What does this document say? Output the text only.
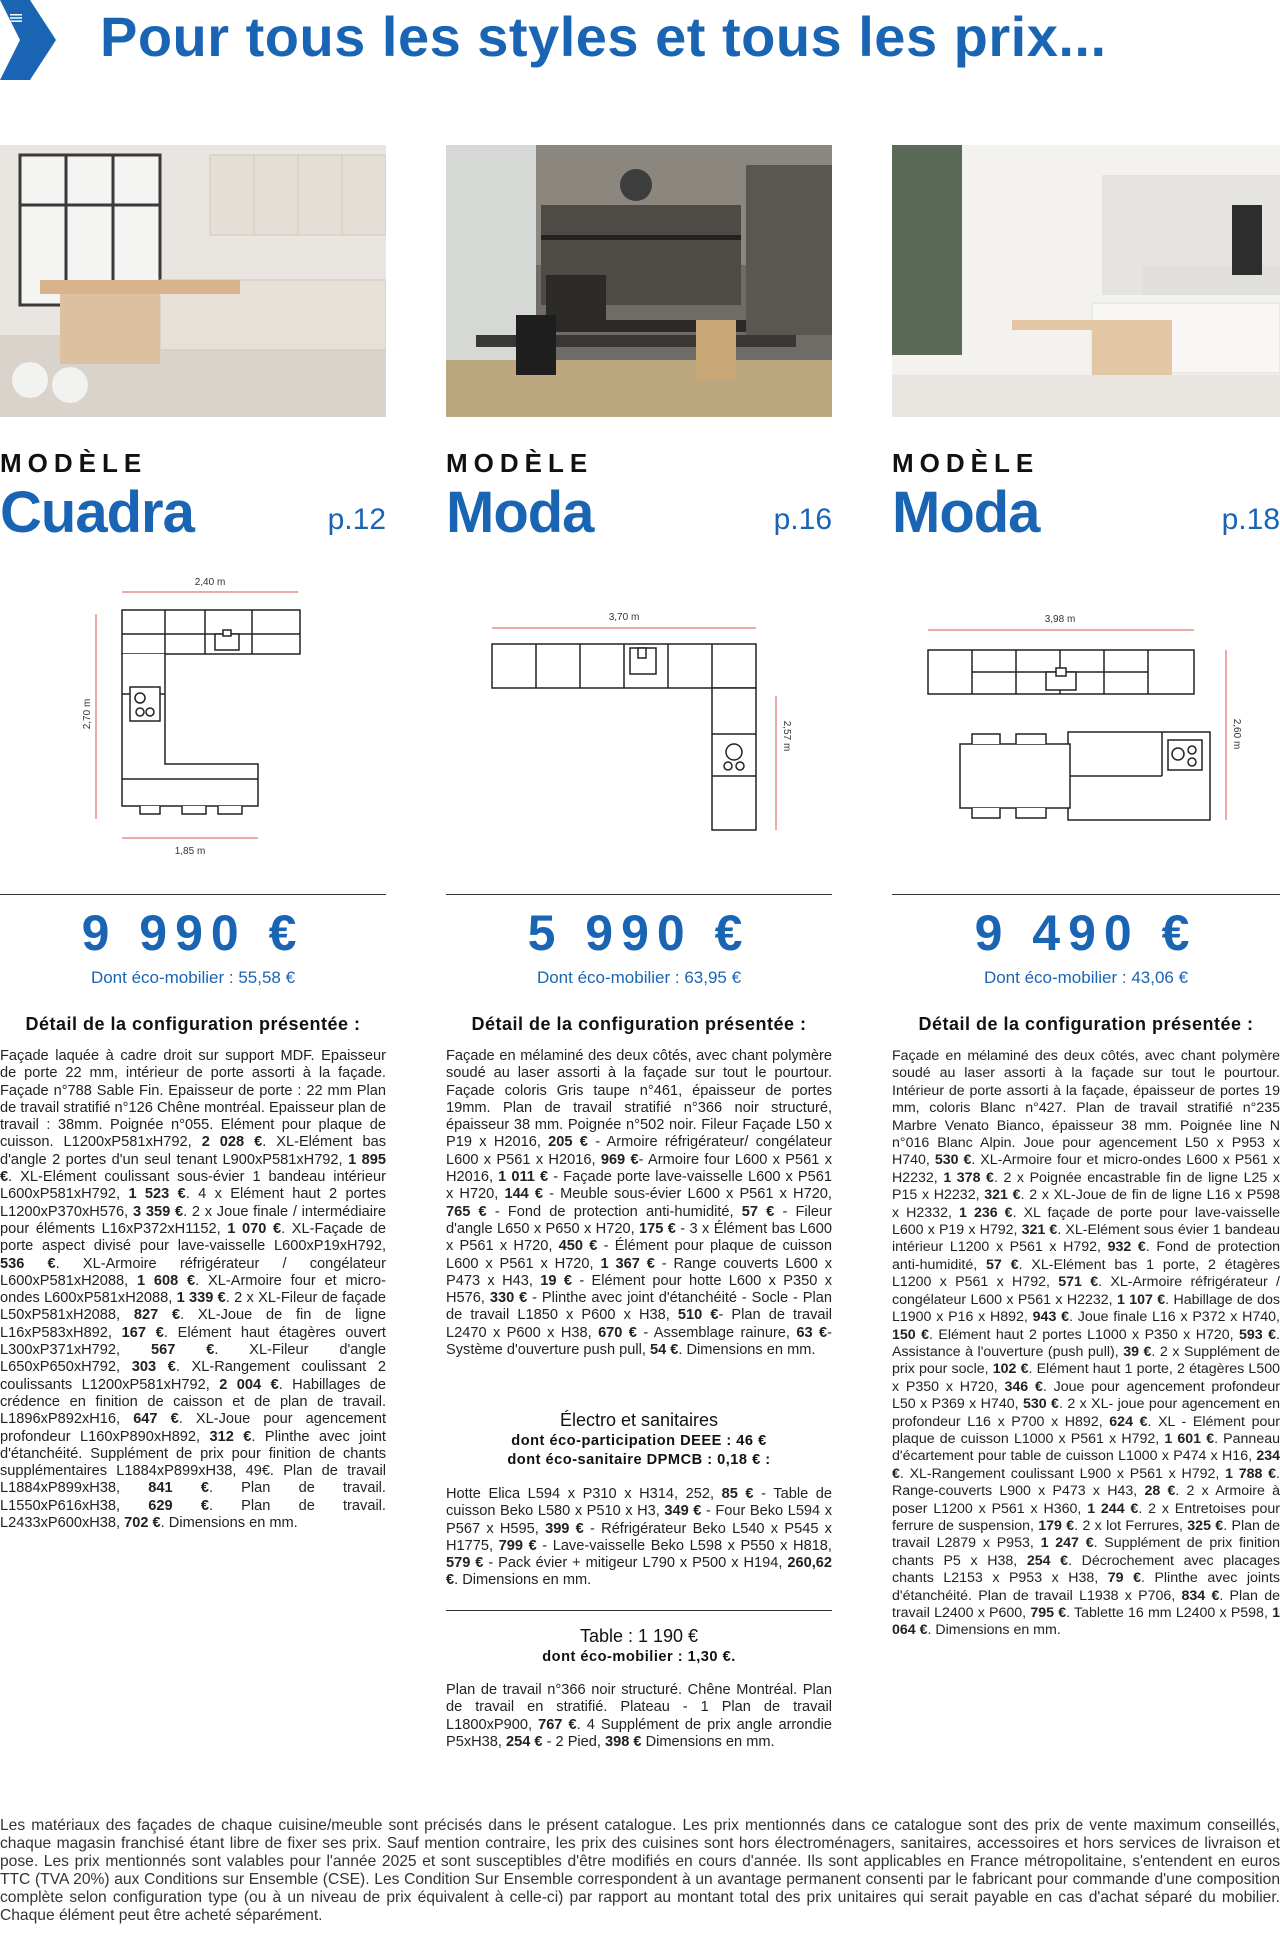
Pour tous les styles et tous les prix...
MODÈLE
Cuadra	p.12
2,40 m
2,70 m
1,85 m
9 990 €
Dont éco-mobilier : 55,58 €
Détail de la configuration présentée :
Façade laquée à cadre droit sur support MDF. Epaisseur de porte 22 mm, intérieur de porte assorti à la façade. Façade n°788 Sable Fin. Epaisseur de porte : 22 mm Plan de travail stratifié n°126 Chêne montréal. Epaisseur plan de travail : 38mm. Poignée n°055. Elément pour plaque de cuisson. L1200xP581xH792, 2 028 €. XL-Elément bas d'angle 2 portes d'un seul tenant L900xP581xH792, 1 895 €. XL-Elément coulissant sous-évier 1 bandeau intérieur L600xP581xH792, 1 523 €. 4 x Elément haut 2 portes L1200xP370xH576, 3 359 €. 2 x Joue finale / intermédiaire pour éléments L16xP372xH1152, 1 070 €. XL-Façade de porte aspect divisé pour lave-vaisselle L600xP19xH792, 536 €. XL-Armoire réfrigérateur / congélateur L600xP581xH2088, 1 608 €. XL-Armoire four et micro-ondes L600xP581xH2088, 1 339 €. 2 x XL-Fileur de façade L50xP581xH2088, 827 €. XL-Joue de fin de ligne L16xP583xH892, 167 €. Elément haut étagères ouvert L300xP371xH792, 567 €. XL-Fileur d'angle L650xP650xH792, 303 €. XL-Rangement coulissant 2 coulissants L1200xP581xH792, 2 004 €. Habillages de crédence en finition de caisson et de plan de travail. L1896xP892xH16, 647 €. XL-Joue pour agencement profondeur L160xP890xH892, 312 €. Plinthe avec joint d'étanchéité. Supplément de prix pour finition de chants supplémentaires L1884xP899xH38, 49€. Plan de travail L1884xP899xH38, 841 €. Plan de travail. L1550xP616xH38, 629 €. Plan de travail. L2433xP600xH38, 702 €. Dimensions en mm.
MODÈLE
Moda	p.16
3,70 m
2,57 m
5 990 €
Dont éco-mobilier : 63,95 €
Détail de la configuration présentée :
Façade en mélaminé des deux côtés, avec chant polymère soudé au laser assorti à la façade sur tout le pourtour. Façade coloris Gris taupe n°461, épaisseur de portes 19mm. Plan de travail stratifié n°366 noir structuré, épaisseur 38 mm. Poignée n°502 noir. Fileur Façade L50 x P19 x H2016, 205 € - Armoire réfrigérateur/ congélateur L600 x P561 x H2016, 969 €- Armoire four L600 x P561 x H2016, 1 011 € - Façade porte lave-vaisselle L600 x P561 x H720, 144 € - Meuble sous-évier L600 x P561 x H720, 765 € - Fond de protection anti-humidité, 57 € - Fileur d'angle L650 x P650 x H720, 175 € - 3 x Élément bas L600 x P561 x H720, 450 € - Élément pour plaque de cuisson L600 x P561 x H720, 1 367 € - Range couverts L600 x P473 x H43, 19 € - Elément pour hotte L600 x P350 x H576, 330 € - Plinthe avec joint d'étanchéité - Socle - Plan de travail L1850 x P600 x H38, 510 €- Plan de travail L2470 x P600 x H38, 670 € - Assemblage rainure, 63 €- Système d'ouverture push pull, 54 €. Dimensions en mm.
Électro et sanitaires
dont éco-participation DEEE : 46 €
dont éco-sanitaire DPMCB : 0,18 € :
Hotte Elica L594 x P310 x H314, 252, 85 € - Table de cuisson Beko L580 x P510 x H3, 349 € - Four Beko L594 x P567 x H595, 399 € - Réfrigérateur Beko L540 x P545 x H1775, 799 € - Lave-vaisselle Beko L598 x P550 x H818, 579 € - Pack évier + mitigeur L790 x P500 x H194, 260,62 €. Dimensions en mm.
Table : 1 190 €
dont éco-mobilier : 1,30 €.
Plan de travail n°366 noir structuré. Chêne Montréal. Plan de travail en stratifié. Plateau - 1 Plan de travail L1800xP900, 767 €. 4 Supplément de prix angle arrondie P5xH38, 254 € - 2 Pied, 398 € Dimensions en mm.
MODÈLE
Moda	p.18
3,98 m
2,60 m
9 490 €
Dont éco-mobilier : 43,06 €
Détail de la configuration présentée :
Façade en mélaminé des deux côtés, avec chant polymère soudé au laser assorti à la façade sur tout le pourtour. Intérieur de porte assorti à la façade, épaisseur de portes 19 mm, coloris Blanc n°427. Plan de travail stratifié n°235 Marbre Venato Bianco, épaisseur 38 mm. Poignée line N n°016 Blanc Alpin. Joue pour agencement L50 x P953 x H740, 530 €. XL-Armoire four et micro-ondes L600 x P561 x H2232, 1 378 €. 2 x Poignée encastrable fin de ligne L25 x P15 x H2232, 321 €. 2 x XL-Joue de fin de ligne L16 x P598 x H2332, 1 236 €. XL façade de porte pour lave-vaisselle L600 x P19 x H792, 321 €. XL-Elément sous évier 1 bandeau intérieur L1200 x P561 x H792, 932 €. Fond de protection anti-humidité, 57 €. XL-Elément bas 1 porte, 2 étagères L1200 x P561 x H792, 571 €. XL-Armoire réfrigérateur / congélateur L600 x P561 x H2232, 1 107 €. Habillage de dos L1900 x P16 x H892, 943 €. Joue finale L16 x P372 x H740, 150 €. Elément haut 2 portes L1000 x P350 x H720, 593 €. Assistance à l'ouverture (push pull), 39 €. 2 x Supplément de prix pour socle, 102 €. Elément haut 1 porte, 2 étagères L500 x P350 x H720, 346 €. Joue pour agencement profondeur L50 x P369 x H740, 530 €. 2 x XL- joue pour agencement en profondeur L16 x P700 x H892, 624 €. XL - Elément pour plaque de cuisson L1000 x P561 x H792, 1 601 €. Panneau d'écartement pour table de cuisson L1000 x P474 x H16, 234 €. XL-Rangement coulissant L900 x P561 x H792, 1 788 €. Range-couverts L900 x P473 x H43, 28 €. 2 x Armoire à poser L1200 x P561 x H360, 1 244 €. 2 x Entretoises pour ferrure de suspension, 179 €. 2 x lot Ferrures, 325 €. Plan de travail L2879 x P953, 1 247 €. Supplément de prix finition chants P5 x H38, 254 €. Décrochement avec placages chants L2153 x P953 x H38, 79 €. Plinthe avec joints d'étanchéité. Plan de travail L1938 x P706, 834 €. Plan de travail L2400 x P600, 795 €. Tablette 16 mm L2400 x P598, 1 064 €. Dimensions en mm.
Les matériaux des façades de chaque cuisine/meuble sont précisés dans le présent catalogue. Les prix mentionnés dans ce catalogue sont des prix de vente maximum conseillés, chaque magasin franchisé étant libre de fixer ses prix. Sauf mention contraire, les prix des cuisines sont hors électroménagers, sanitaires, accessoires et hors services de livraison et pose. Les prix mentionnés sont valables pour l'année 2025 et sont susceptibles d'être modifiés en cours d'année. Ils sont applicables en France métropolitaine, s'entendent en euros TTC (TVA 20%) aux Conditions sur Ensemble (CSE). Les Condition Sur Ensemble correspondent à un avantage permanent consenti par le fabricant pour commande d'une composition complète selon configuration type (ou à un niveau de prix équivalent à celle-ci) par rapport au montant total des prix unitaires qui serait payable en cas d'achat séparé du mobilier. Chaque élément peut être acheté séparément.
